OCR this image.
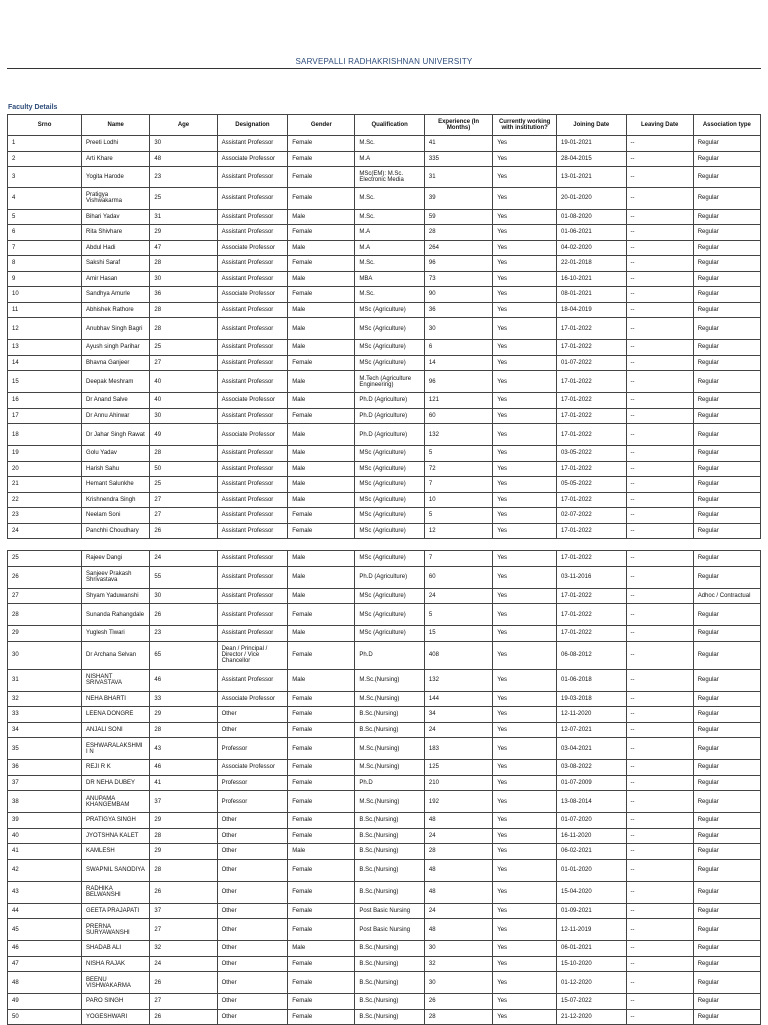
SARVEPALLI RADHAKRISHNAN UNIVERSITY
Faculty Details
Srno	Name	Age	Designation	Gender	Qualification	Experience (In Months)	Currently working with institution?	Joining Date	Leaving Date	Association type
1	Preeti Lodhi	30	Assistant Professor	Female	M.Sc.	41	Yes	19-01-2021	--	Regular
2	Arti Khare	48	Associate Professor	Female	M.A	335	Yes	28-04-2015	--	Regular
3	Yogita Harode	23	Assistant Professor	Female	MSc(EM): M.Sc. Electronic Media	31	Yes	13-01-2021	--	Regular
4	Pratigya Vishwakarma	25	Assistant Professor	Female	M.Sc.	39	Yes	20-01-2020	--	Regular
5	Bihari Yadav	31	Assistant Professor	Male	M.Sc.	59	Yes	01-08-2020	--	Regular
6	Rita Shivhare	29	Assistant Professor	Female	M.A	28	Yes	01-06-2021	--	Regular
7	Abdul Hadi	47	Associate Professor	Male	M.A	264	Yes	04-02-2020	--	Regular
8	Sakshi Saraf	28	Assistant Professor	Female	M.Sc.	96	Yes	22-01-2018	--	Regular
9	Amir Hasan	30	Assistant Professor	Male	MBA	73	Yes	16-10-2021	--	Regular
10	Sandhya Amurle	36	Associate Professor	Female	M.Sc.	90	Yes	08-01-2021	--	Regular
11	Abhishek Rathore	28	Assistant Professor	Male	MSc (Agriculture)	36	Yes	18-04-2019	--	Regular
12	Anubhav Singh Bagri	28	Assistant Professor	Male	MSc (Agriculture)	30	Yes	17-01-2022	--	Regular
13	Ayush singh Parihar	25	Assistant Professor	Male	MSc (Agriculture)	6	Yes	17-01-2022	--	Regular
14	Bhavna Ganjeer	27	Assistant Professor	Female	MSc (Agriculture)	14	Yes	01-07-2022	--	Regular
15	Deepak Meshram	40	Assistant Professor	Male	M.Tech (Agriculture Engineering)	96	Yes	17-01-2022	--	Regular
16	Dr Anand Salve	40	Associate Professor	Male	Ph.D (Agriculture)	121	Yes	17-01-2022	--	Regular
17	Dr Annu Ahirwar	30	Assistant Professor	Female	Ph.D (Agriculture)	60	Yes	17-01-2022	--	Regular
18	Dr Jahar Singh Rawat	49	Associate Professor	Male	Ph.D (Agriculture)	132	Yes	17-01-2022	--	Regular
19	Golu Yadav	28	Assistant Professor	Male	MSc (Agriculture)	5	Yes	03-05-2022	--	Regular
20	Harish Sahu	50	Assistant Professor	Male	MSc (Agriculture)	72	Yes	17-01-2022	--	Regular
21	Hemant Salunkhe	25	Assistant Professor	Male	MSc (Agriculture)	7	Yes	05-05-2022	--	Regular
22	Krishnendra Singh	27	Assistant Professor	Male	MSc (Agriculture)	10	Yes	17-01-2022	--	Regular
23	Neelam Soni	27	Assistant Professor	Female	MSc (Agriculture)	5	Yes	02-07-2022	--	Regular
24	Panchhi Choudhary	26	Assistant Professor	Female	MSc (Agriculture)	12	Yes	17-01-2022	--	Regular
25	Rajeev Dangi	24	Assistant Professor	Male	MSc (Agriculture)	7	Yes	17-01-2022	--	Regular
26	Sanjeev Prakash Shrivastava	55	Assistant Professor	Male	Ph.D (Agriculture)	60	Yes	03-11-2016	--	Regular
27	Shyam Yaduwanshi	30	Assistant Professor	Male	MSc (Agriculture)	24	Yes	17-01-2022	--	Adhoc / Contractual
28	Sunanda Rahangdale	26	Assistant Professor	Female	MSc (Agriculture)	5	Yes	17-01-2022	--	Regular
29	Yuglesh Tiwari	23	Assistant Professor	Male	MSc (Agriculture)	15	Yes	17-01-2022	--	Regular
30	Dr Archana Selvan	65	Dean / Principal / Director / Vice Chancellor	Female	Ph.D	408	Yes	06-08-2012	--	Regular
31	NISHANT SRIVASTAVA	46	Assistant Professor	Male	M.Sc.(Nursing)	132	Yes	01-06-2018	--	Regular
32	NEHA BHARTI	33	Associate Professor	Female	M.Sc.(Nursing)	144	Yes	19-03-2018	--	Regular
33	LEENA DONGRE	29	Other	Female	B.Sc.(Nursing)	34	Yes	12-11-2020	--	Regular
34	ANJALI SONI	28	Other	Female	B.Sc.(Nursing)	24	Yes	12-07-2021	--	Regular
35	ESHWARALAKSHMI I N	43	Professor	Female	M.Sc.(Nursing)	183	Yes	03-04-2021	--	Regular
36	REJI R K	46	Associate Professor	Female	M.Sc.(Nursing)	125	Yes	03-08-2022	--	Regular
37	DR NEHA DUBEY	41	Professor	Female	Ph.D	210	Yes	01-07-2009	--	Regular
38	ANUPAMA KHANGEMBAM	37	Professor	Female	M.Sc.(Nursing)	192	Yes	13-08-2014	--	Regular
39	PRATIGYA SINGH	29	Other	Female	B.Sc.(Nursing)	48	Yes	01-07-2020	--	Regular
40	JYOTSHNA KALET	28	Other	Female	B.Sc.(Nursing)	24	Yes	16-11-2020	--	Regular
41	KAMLESH	29	Other	Male	B.Sc.(Nursing)	28	Yes	06-02-2021	--	Regular
42	SWAPNIL SANODIYA	28	Other	Female	B.Sc.(Nursing)	48	Yes	01-01-2020	--	Regular
43	RADHIKA BELWANSHI	26	Other	Female	B.Sc.(Nursing)	48	Yes	15-04-2020	--	Regular
44	GEETA PRAJAPATI	37	Other	Female	Post Basic Nursing	24	Yes	01-09-2021	--	Regular
45	PRERNA SURYAWANSHI	27	Other	Female	Post Basic Nursing	48	Yes	12-11-2019	--	Regular
46	SHADAB ALI	32	Other	Male	B.Sc.(Nursing)	30	Yes	06-01-2021	--	Regular
47	NISHA RAJAK	24	Other	Female	B.Sc.(Nursing)	32	Yes	15-10-2020	--	Regular
48	BEENU VISHWAKARMA	26	Other	Female	B.Sc.(Nursing)	30	Yes	01-12-2020	--	Regular
49	PARO SINGH	27	Other	Female	B.Sc.(Nursing)	26	Yes	15-07-2022	--	Regular
50	YOGESHWARI	26	Other	Female	B.Sc.(Nursing)	28	Yes	21-12-2020	--	Regular
